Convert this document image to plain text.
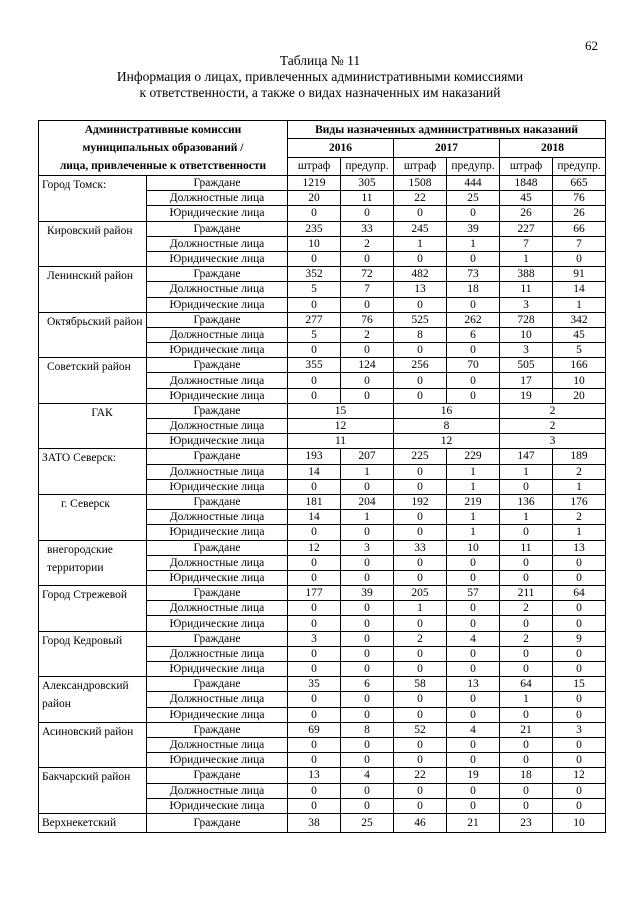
62
Таблица № 11
Информация о лицах, привлеченных административными комиссиями
к ответственности, а также о видах назначенных им наказаний
Административные комиссии
муниципальных образований /
лица, привлеченные к ответственности		Виды назначенных административных наказаний					
		2016		2017		2018	
		штраф	предупр.	штраф	предупр.	штраф	предупр.
Город Томск:	Граждане	1219	305	1508	444	1848	665
	Должностные лица	20	11	22	25	45	76
	Юридические лица	0	0	0	0	26	26
Кировский район	Граждане	235	33	245	39	227	66
	Должностные лица	10	2	1	1	7	7
	Юридические лица	0	0	0	0	1	0
Ленинский район	Граждане	352	72	482	73	388	91
	Должностные лица	5	7	13	18	11	14
	Юридические лица	0	0	0	0	3	1
Октябрьский район	Граждане	277	76	525	262	728	342
	Должностные лица	5	2	8	6	10	45
	Юридические лица	0	0	0	0	3	5
Советский район	Граждане	355	124	256	70	505	166
	Должностные лица	0	0	0	0	17	10
	Юридические лица	0	0	0	0	19	20
ГАК	Граждане	15		16		2	
	Должностные лица	12		8		2	
	Юридические лица	11		12		3	
ЗАТО Северск:	Граждане	193	207	225	229	147	189
	Должностные лица	14	1	0	1	1	2
	Юридические лица	0	0	0	1	0	1
г. Северск	Граждане	181	204	192	219	136	176
	Должностные лица	14	1	0	1	1	2
	Юридические лица	0	0	0	1	0	1
внегородские территории	Граждане	12	3	33	10	11	13
	Должностные лица	0	0	0	0	0	0
	Юридические лица	0	0	0	0	0	0
Город Стрежевой	Граждане	177	39	205	57	211	64
	Должностные лица	0	0	1	0	2	0
	Юридические лица	0	0	0	0	0	0
Город Кедровый	Граждане	3	0	2	4	2	9
	Должностные лица	0	0	0	0	0	0
	Юридические лица	0	0	0	0	0	0
Александровский район	Граждане	35	6	58	13	64	15
	Должностные лица	0	0	0	0	1	0
	Юридические лица	0	0	0	0	0	0
Асиновский район	Граждане	69	8	52	4	21	3
	Должностные лица	0	0	0	0	0	0
	Юридические лица	0	0	0	0	0	0
Бакчарский район	Граждане	13	4	22	19	18	12
	Должностные лица	0	0	0	0	0	0
	Юридические лица	0	0	0	0	0	0
Верхнекетский	Граждане	38	25	46	21	23	10
